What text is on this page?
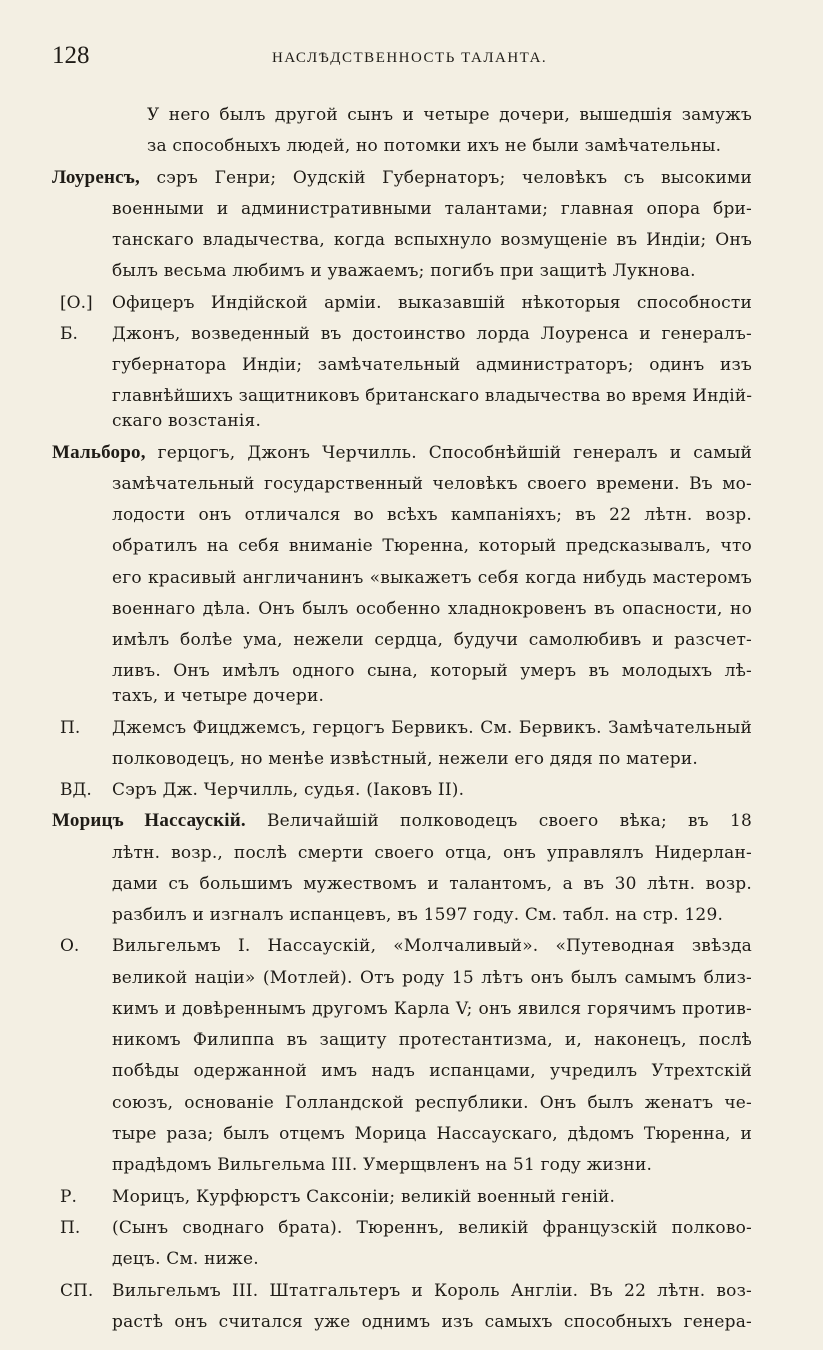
128	НАСЛѢДСТВЕННОСТЬ ТАЛАНТА.
У него былъ другой сынъ и четыре дочери, вышедшія замужъ
за способныхъ людей, но потомки ихъ не были замѣчательны.
Лоуренсъ, сэръ Генри; Оудскій Губернаторъ; человѣкъ съ высокими
военными и административными талантами; главная опора бри-
танскаго владычества, когда вспыхнуло возмущеніе въ Индіи; Онъ
былъ весьма любимъ и уважаемъ; погибъ при защитѣ Лукнова.
[О.] Офицеръ Индійской арміи. выказавшій нѣкоторыя способности
Б. Джонъ, возведенный въ достоинство лорда Лоуренса и генералъ-
губернатора Индіи; замѣчательный администраторъ; одинъ изъ
главнѣйшихъ защитниковъ британскаго владычества во время Индій-
скаго возстанія.
Мальборо, герцогъ, Джонъ Черчилль. Способнѣйшій генералъ и самый
замѣчательный государственный человѣкъ своего времени. Въ мо-
лодости онъ отличался во всѣхъ кампаніяхъ; въ 22 лѣтн. возр.
обратилъ на себя вниманіе Тюренна, который предсказывалъ, что
его красивый англичанинъ «выкажетъ себя когда нибудь мастеромъ
военнаго дѣла. Онъ былъ особенно хладнокровенъ въ опасности, но
имѣлъ болѣе ума, нежели сердца, будучи самолюбивъ и разсчет-
ливъ. Онъ имѣлъ одного сына, который умеръ въ молодыхъ лѣ-
тахъ, и четыре дочери.
П. Джемсъ Фицджемсъ, герцогъ Бервикъ. См. Бервикъ. Замѣчательный
полководецъ, но менѣе извѣстный, нежели его дядя по матери.
ВД. Сэръ Дж. Черчилль, судья. (Іаковъ II).
Морицъ Нассаускій. Величайшій полководецъ своего вѣка; въ 18
лѣтн. возр., послѣ смерти своего отца, онъ управлялъ Нидерлан-
дами съ большимъ мужествомъ и талантомъ, а въ 30 лѣтн. возр.
разбилъ и изгналъ испанцевъ, въ 1597 году. См. табл. на стр. 129.
О. Вильгельмъ I. Нассаускій, «Молчаливый». «Путеводная звѣзда
великой націи» (Мотлей). Отъ роду 15 лѣтъ онъ былъ самымъ близ-
кимъ и довѣреннымъ другомъ Карла V; онъ явился горячимъ против-
никомъ Филиппа въ защиту протестантизма, и, наконецъ, послѣ
побѣды одержанной имъ надъ испанцами, учредилъ Утрехтскій
союзъ, основаніе Голландской республики. Онъ былъ женатъ че-
тыре раза; былъ отцемъ Морица Нассаускаго, дѣдомъ Тюренна, и
прадѣдомъ Вильгельма III. Умерщвленъ на 51 году жизни.
Р. Морицъ, Курфюрстъ Саксоніи; великій военный геній.
П. (Сынъ своднаго брата). Тюреннъ, великій французскій полково-
децъ. См. ниже.
СП. Вильгельмъ III. Штатгальтеръ и Король Англіи. Въ 22 лѣтн. воз-
растѣ онъ считался уже однимъ изъ самыхъ способныхъ генера-
